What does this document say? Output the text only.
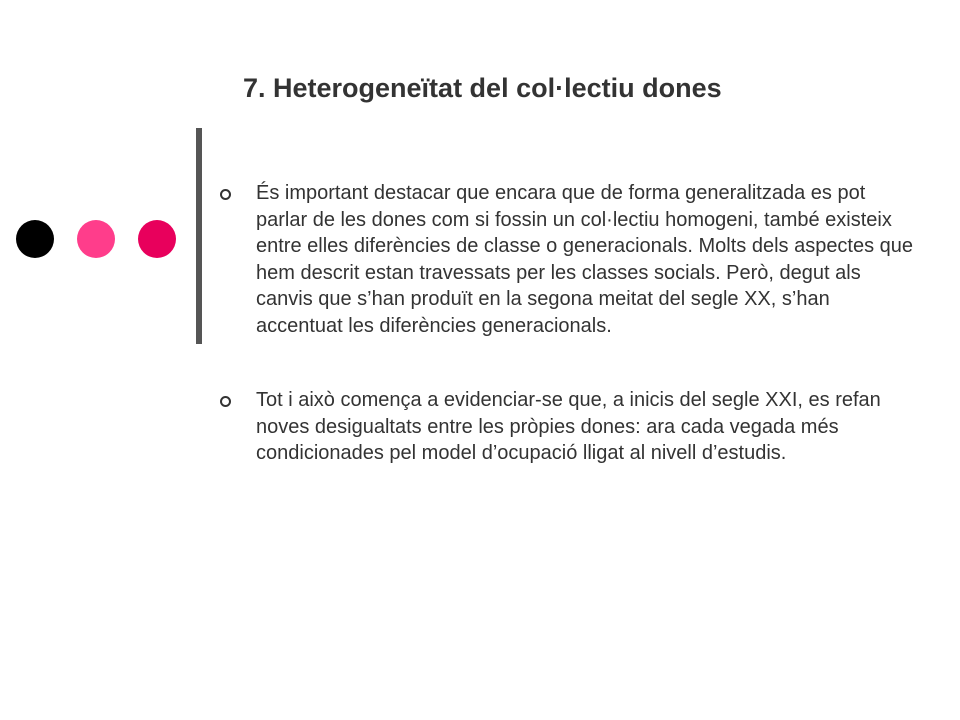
7. Heterogeneïtat del col·lectiu dones

És important destacar que encara que de forma generalitzada es pot parlar de les dones com si fossin un col·lectiu homogeni, també existeix entre elles diferències de classe o generacionals. Molts dels aspectes que hem descrit estan travessats per les classes socials. Però, degut als canvis que s’han produït en la segona meitat del segle XX, s’han accentuat les diferències generacionals.

Tot i això comença a evidenciar-se que, a inicis del segle XXI, es refan noves desigualtats entre les pròpies dones: ara cada vegada més condicionades pel model d’ocupació lligat al nivell d’estudis.
